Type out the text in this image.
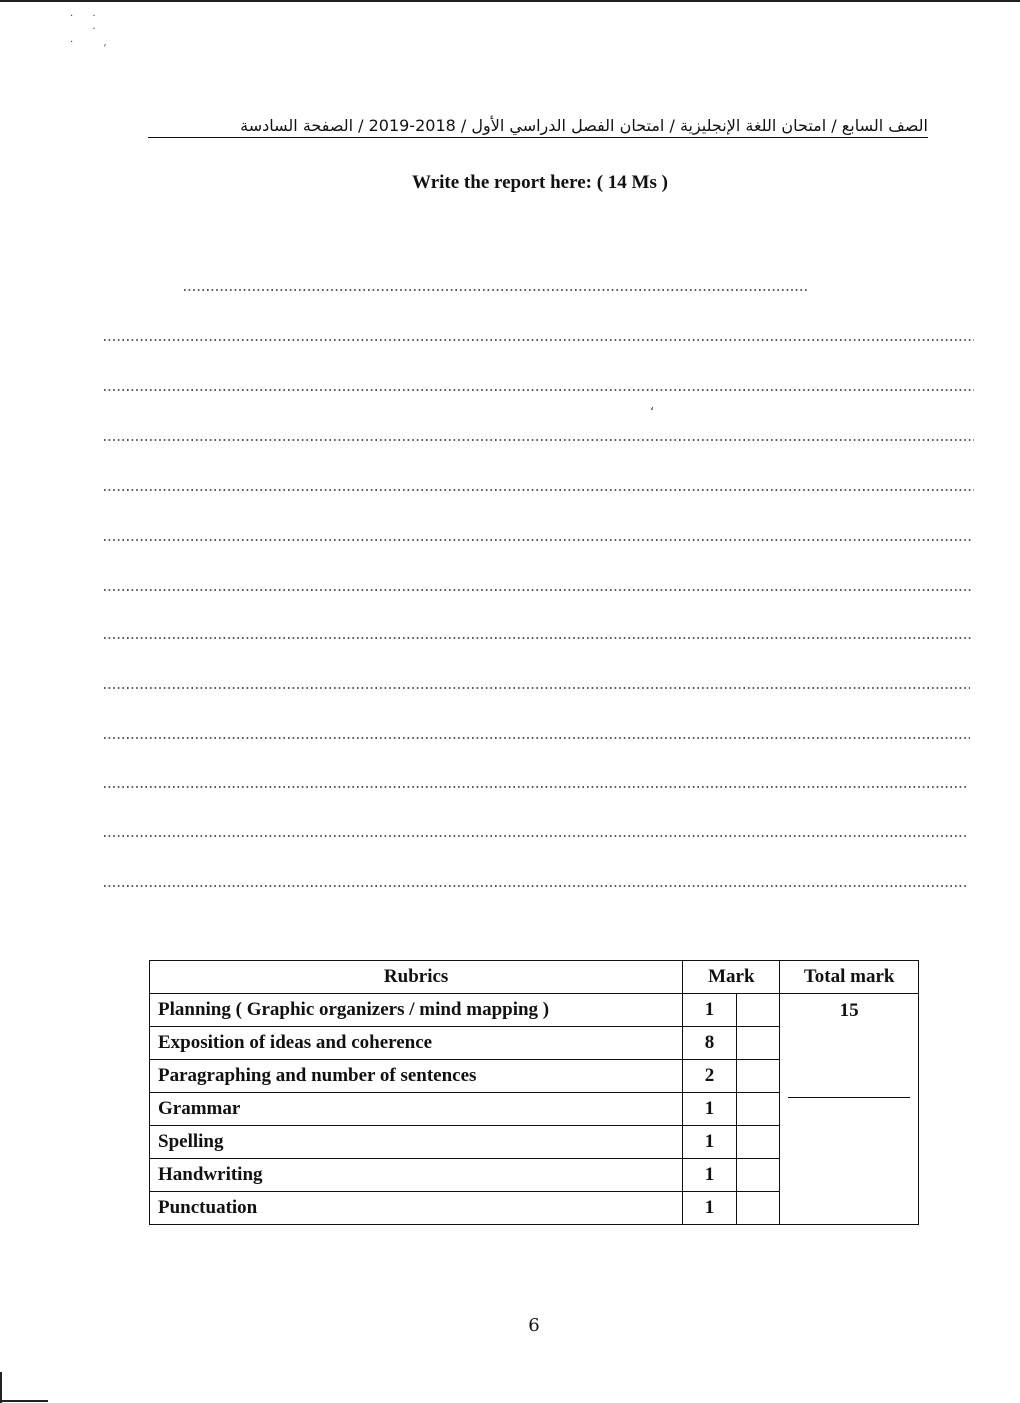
· ·
·
·  ,
الصف السابع / امتحان اللغة الإنجليزية / امتحان الفصل الدراسي الأول / 2018-2019 / الصفحة السادسة
Write the report here: ( 14 Ms )
‘
Rubrics	Mark		Total mark
Planning ( Graphic organizers / mind mapping )	1		15

Exposition of ideas and coherence	8		
Paragraphing and number of sentences	2		
Grammar	1		
Spelling	1		
Handwriting	1		
Punctuation	1		
6
